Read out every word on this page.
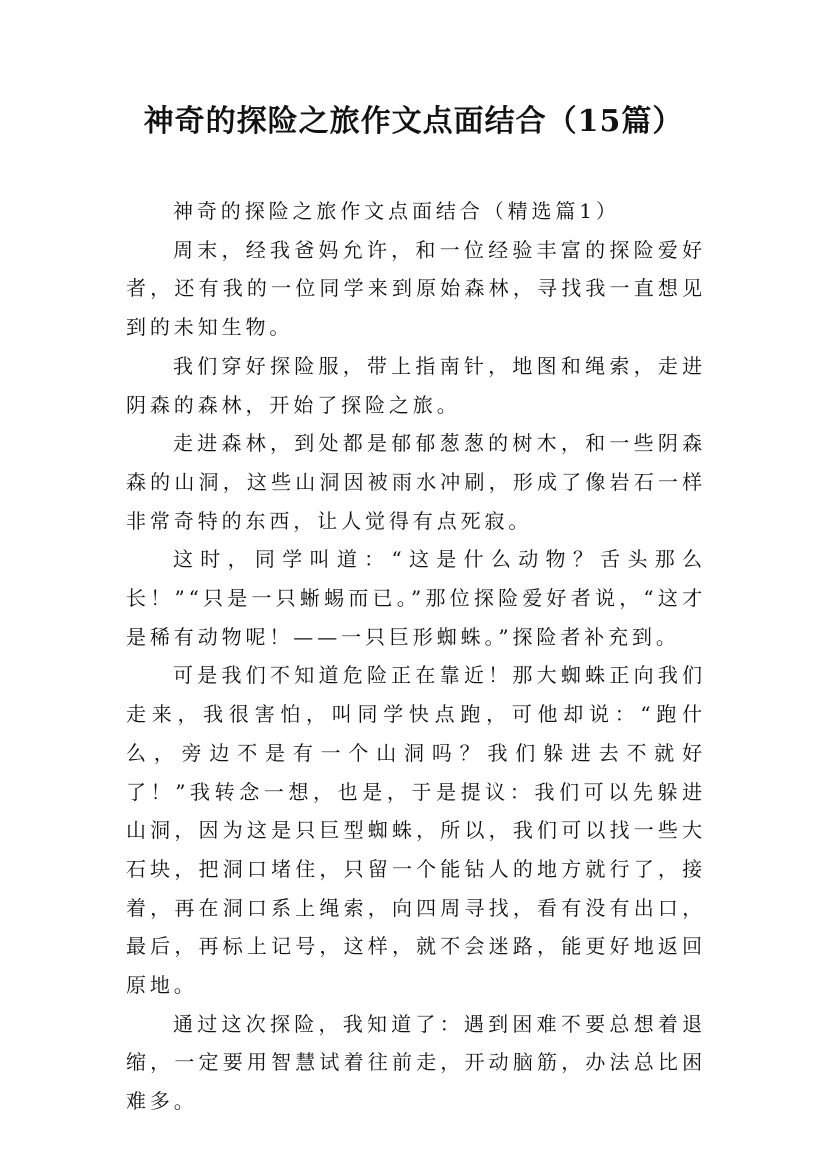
神奇的探险之旅作文点面结合（15篇）

神奇的探险之旅作文点面结合（精选篇1）

周末，经我爸妈允许，和一位经验丰富的探险爱好者，还有我的一位同学来到原始森林，寻找我一直想见到的未知生物。

我们穿好探险服，带上指南针，地图和绳索，走进阴森的森林，开始了探险之旅。

走进森林，到处都是郁郁葱葱的树木，和一些阴森森的山洞，这些山洞因被雨水冲刷，形成了像岩石一样非常奇特的东西，让人觉得有点死寂。

这时，同学叫道：“这是什么动物？舌头那么长！”“只是一只蜥蜴而已。”那位探险爱好者说，“这才是稀有动物呢！——一只巨形蜘蛛。”探险者补充到。

可是我们不知道危险正在靠近！那大蜘蛛正向我们走来，我很害怕，叫同学快点跑，可他却说：“跑什么，旁边不是有一个山洞吗？我们躲进去不就好了！”我转念一想，也是，于是提议：我们可以先躲进山洞，因为这是只巨型蜘蛛，所以，我们可以找一些大石块，把洞口堵住，只留一个能钻人的地方就行了，接着，再在洞口系上绳索，向四周寻找，看有没有出口，最后，再标上记号，这样，就不会迷路，能更好地返回原地。

通过这次探险，我知道了：遇到困难不要总想着退缩，一定要用智慧试着往前走，开动脑筋，办法总比困难多。
